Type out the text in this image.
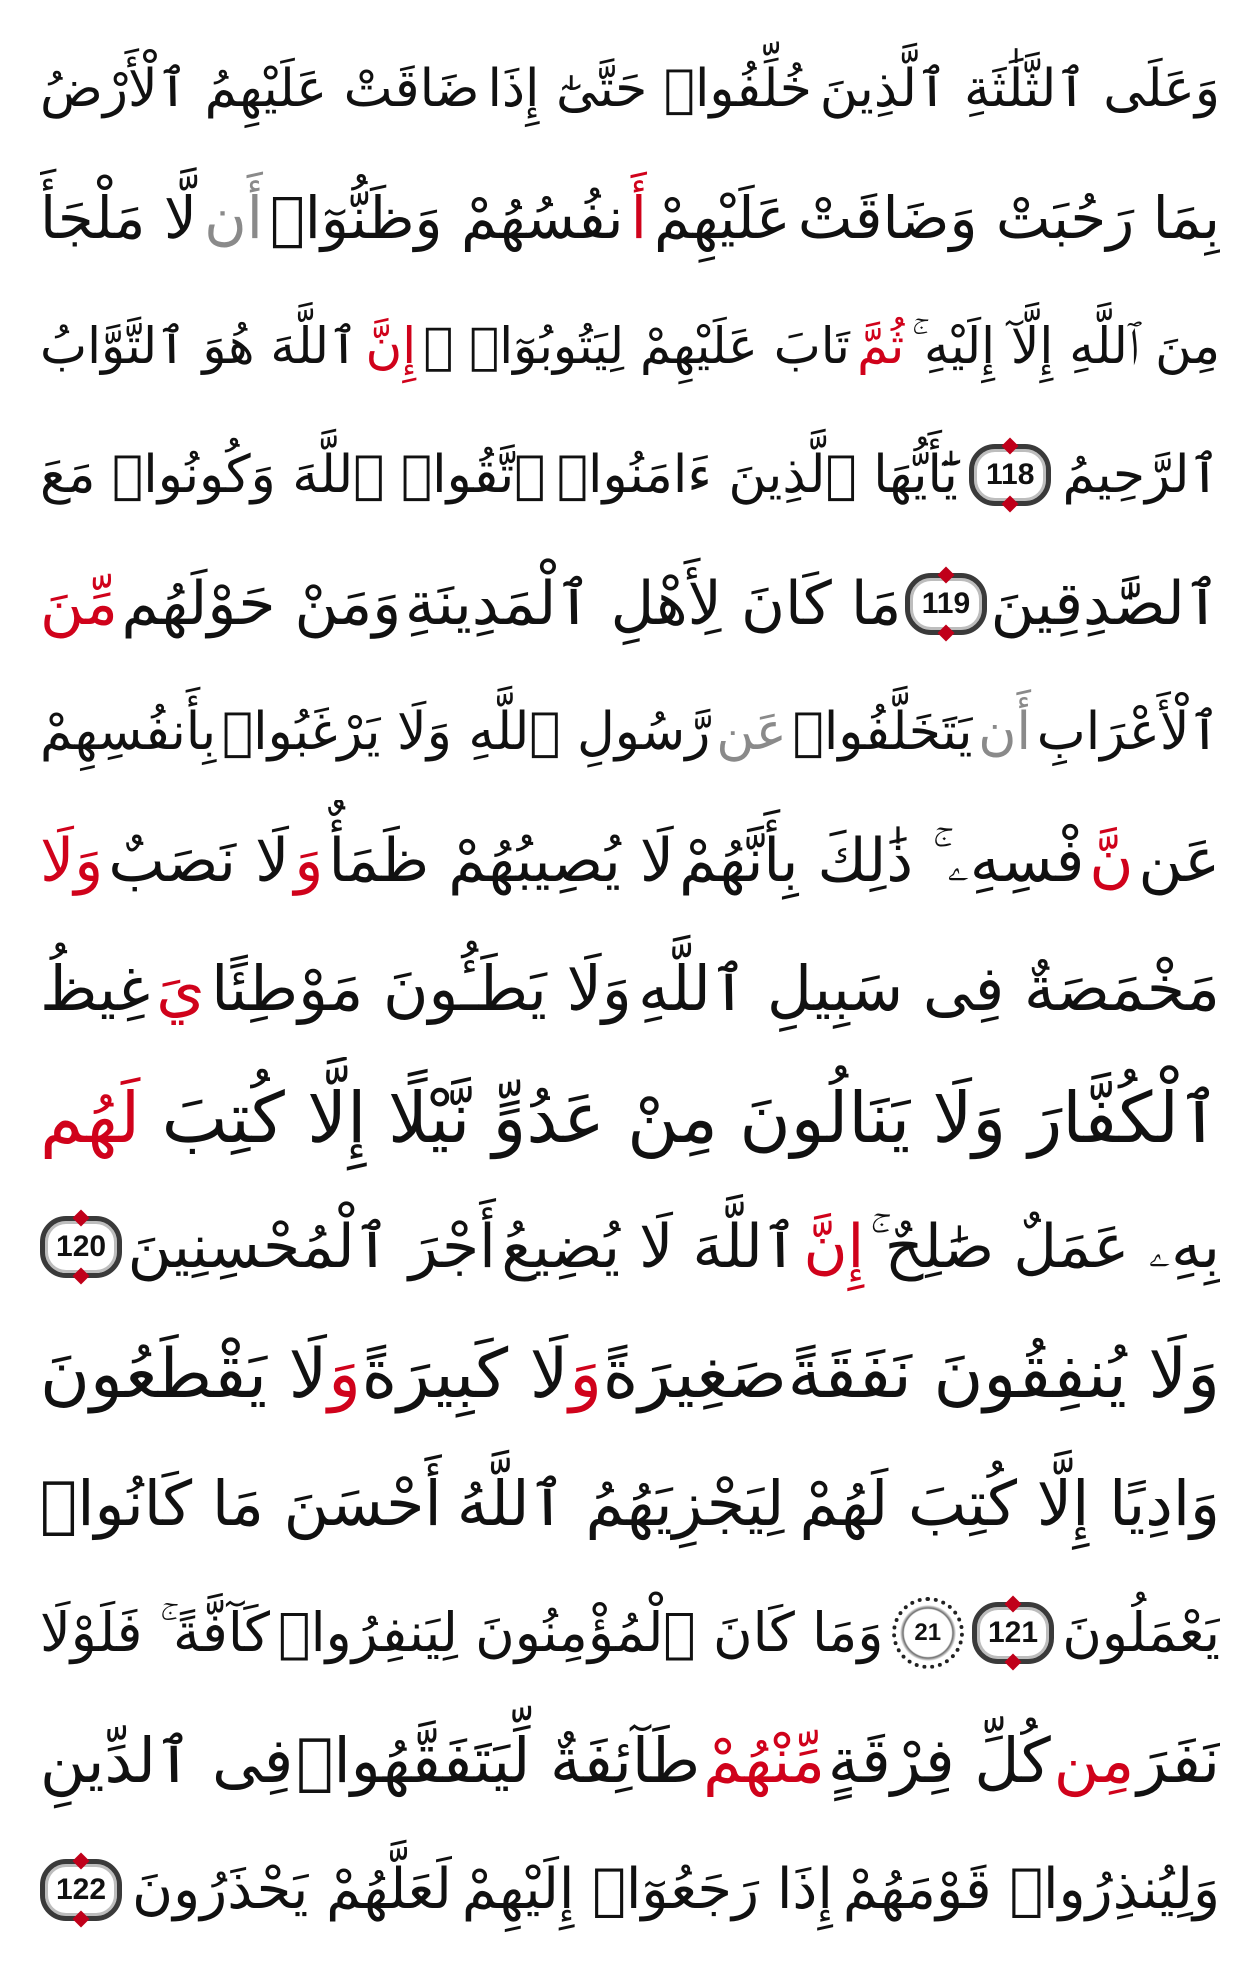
وَعَلَى ٱلثَّلَٰثَةِ ٱلَّذِينَ
خُلِّفُوا۟ حَتَّىٰٓ إِذَا
ضَاقَتْ عَلَيْهِمُ ٱلْأَرْضُ
بِمَا رَحُبَتْ وَضَاقَتْ
عَلَيْهِمْ
أَ
نفُسُهُمْ وَظَنُّوٓا۟
أَن
لَّا مَلْجَأَ
مِنَ ٱللَّهِ إِلَّآ إِلَيْهِ ۚ
ثُمَّ
تَابَ عَلَيْهِمْ لِيَتُوبُوٓا۟ ۚ
إِنَّ
ٱللَّهَ هُوَ ٱلتَّوَّابُ
ٱلرَّحِيمُ
118
يَٰٓأَيُّهَا ٱلَّذِينَ ءَامَنُوا۟
ٱتَّقُوا۟ ٱللَّهَ وَكُونُوا۟ مَعَ
ٱلصَّٰدِقِينَ
119
مَا كَانَ لِأَهْلِ ٱلْمَدِينَةِ
وَمَنْ حَوْلَهُم
مِّنَ
ٱلْأَعْرَابِ
أَن
يَتَخَلَّفُوا۟
عَن
رَّسُولِ ٱللَّهِ وَلَا يَرْغَبُوا۟
بِأَنفُسِهِمْ
عَن
نَّ
فْسِهِۦ ۚ ذَٰلِكَ بِأَنَّهُمْ
لَا يُصِيبُهُمْ ظَمَأٌ
وَ
لَا نَصَبٌ
وَلَا
مَخْمَصَةٌ فِى سَبِيلِ ٱللَّهِ
وَلَا يَطَـُٔونَ مَوْطِئًا
يَ
غِيظُ
ٱلْكُفَّارَ وَلَا يَنَالُونَ
مِنْ عَدُوٍّ نَّيْلًا
إِلَّا كُتِبَ
لَهُم
بِهِۦ عَمَلٌ صَٰلِحٌ ۚ
إِنَّ
ٱللَّهَ لَا يُضِيعُ
أَجْرَ ٱلْمُحْسِنِينَ
120
وَلَا يُنفِقُونَ نَفَقَةً
صَغِيرَةً
وَ
لَا كَبِيرَةً
وَ
لَا يَقْطَعُونَ
وَادِيًا إِلَّا كُتِبَ لَهُمْ
لِيَجْزِيَهُمُ ٱللَّهُ
أَحْسَنَ مَا كَانُوا۟
يَعْمَلُونَ
121
21
وَمَا كَانَ ٱلْمُؤْمِنُونَ لِيَنفِرُوا۟
كَآفَّةً ۚ فَلَوْلَا
نَفَرَ
مِن
كُلِّ فِرْقَةٍ
مِّنْهُمْ
طَآئِفَةٌ لِّيَتَفَقَّهُوا۟
فِى ٱلدِّينِ
وَلِيُنذِرُوا۟ قَوْمَهُمْ
إِذَا رَجَعُوٓا۟ إِلَيْهِمْ
لَعَلَّهُمْ يَحْذَرُونَ
122
